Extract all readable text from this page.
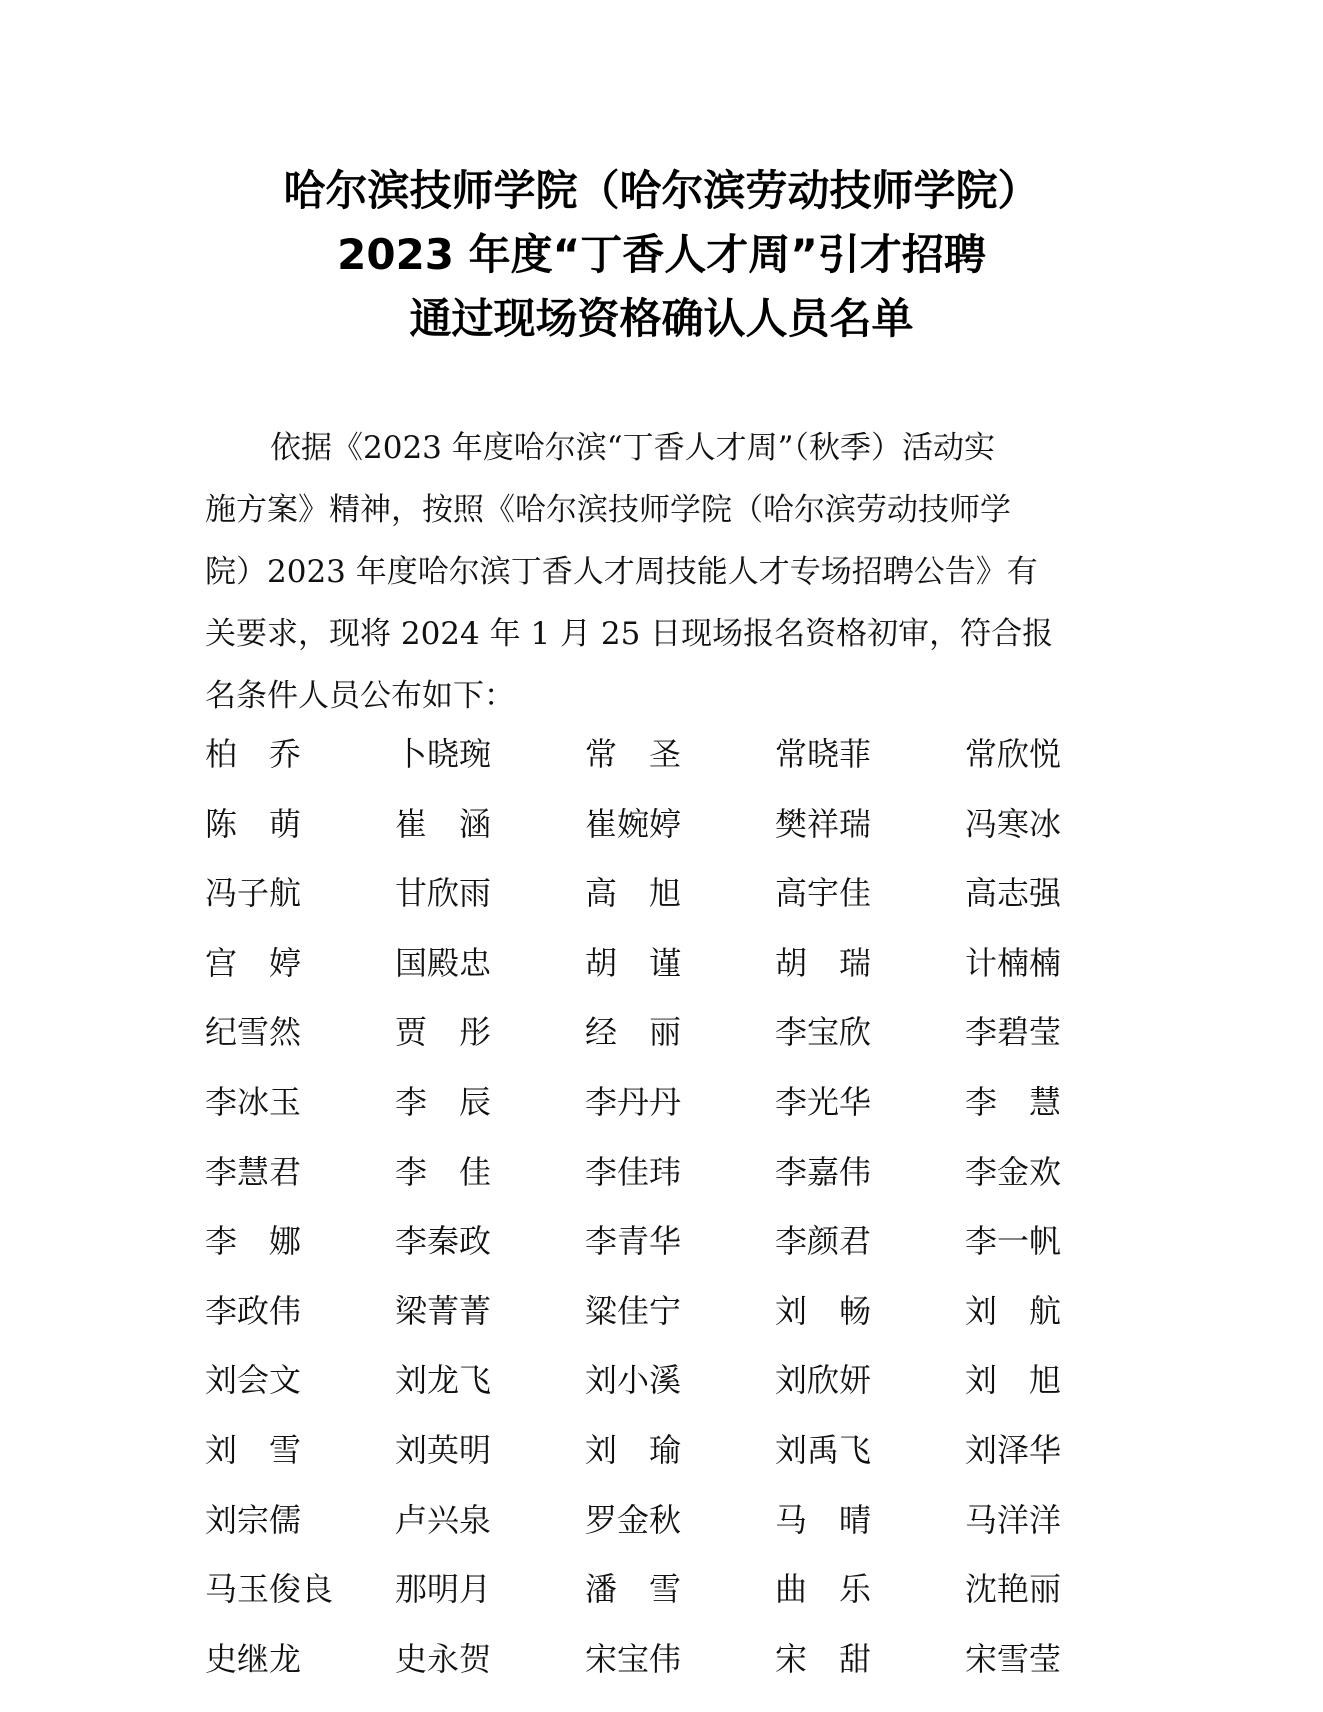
哈尔滨技师学院（哈尔滨劳动技师学院）
2023 年度“丁香人才周”引才招聘
通过现场资格确认人员名单
依据《2023 年度哈尔滨“丁香人才周”（秋季）活动实
施方案》精神，按照《哈尔滨技师学院（哈尔滨劳动技师学
院）2023 年度哈尔滨丁香人才周技能人才专场招聘公告》有
关要求，现将 2024 年 1 月 25 日现场报名资格初审，符合报
名条件人员公布如下：
柏　乔	卜晓琬	常　圣	常晓菲	常欣悦
陈　萌	崔　涵	崔婉婷	樊祥瑞	冯寒冰
冯子航	甘欣雨	高　旭	高宇佳	高志强
宫　婷	国殿忠	胡　谨	胡　瑞	计楠楠
纪雪然	贾　彤	经　丽	李宝欣	李碧莹
李冰玉	李　辰	李丹丹	李光华	李　慧
李慧君	李　佳	李佳玮	李嘉伟	李金欢
李　娜	李秦政	李青华	李颜君	李一帆
李政伟	梁菁菁	粱佳宁	刘　畅	刘　航
刘会文	刘龙飞	刘小溪	刘欣妍	刘　旭
刘　雪	刘英明	刘　瑜	刘禹飞	刘泽华
刘宗儒	卢兴泉	罗金秋	马　晴	马洋洋
马玉俊良 那明月	潘　雪	曲　乐	沈艳丽
史继龙	史永贺	宋宝伟	宋　甜	宋雪莹
